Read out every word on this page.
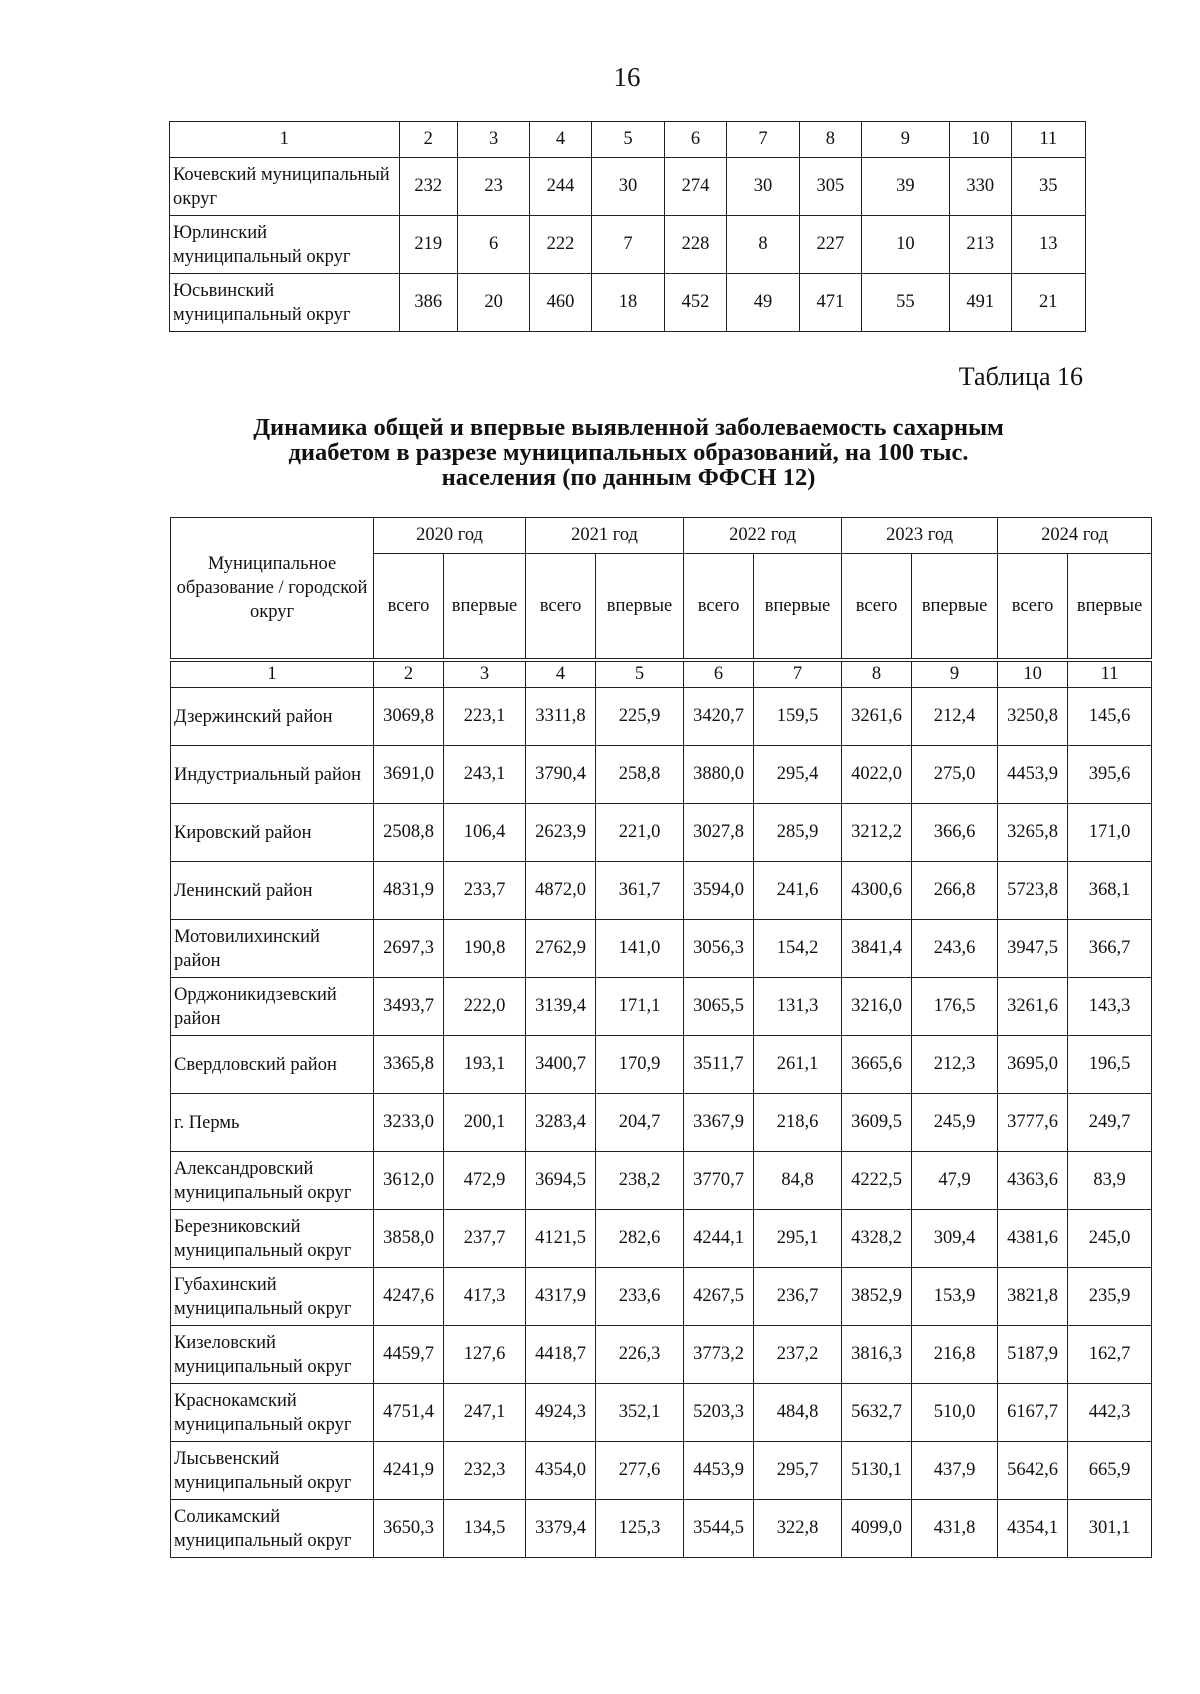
16
1	2	3	4	5	6	7	8	9	10	11
Кочевский муниципальный округ	232	23	244	30	274	30	305	39	330	35
Юрлинский муниципальный округ	219	6	222	7	228	8	227	10	213	13
Юсьвинский муниципальный округ	386	20	460	18	452	49	471	55	491	21
Таблица 16
Динамика общей и впервые выявленной заболеваемость сахарным
диабетом в разрезе муниципальных образований, на 100 тыс.
населения (по данным ФФСН 12)
Муниципальное образование / городской округ	2020 год		2021 год		2022 год		2023 год		2024 год	
	всего	впервые	всего	впервые	всего	впервые	всего	впервые	всего	впервые
1	2	3	4	5	6	7	8	9	10	11
Дзержинский район	3069,8	223,1	3311,8	225,9	3420,7	159,5	3261,6	212,4	3250,8	145,6
Индустриальный район	3691,0	243,1	3790,4	258,8	3880,0	295,4	4022,0	275,0	4453,9	395,6
Кировский район	2508,8	106,4	2623,9	221,0	3027,8	285,9	3212,2	366,6	3265,8	171,0
Ленинский район	4831,9	233,7	4872,0	361,7	3594,0	241,6	4300,6	266,8	5723,8	368,1
Мотовилихинский район	2697,3	190,8	2762,9	141,0	3056,3	154,2	3841,4	243,6	3947,5	366,7
Орджоникидзевский район	3493,7	222,0	3139,4	171,1	3065,5	131,3	3216,0	176,5	3261,6	143,3
Свердловский район	3365,8	193,1	3400,7	170,9	3511,7	261,1	3665,6	212,3	3695,0	196,5
г. Пермь	3233,0	200,1	3283,4	204,7	3367,9	218,6	3609,5	245,9	3777,6	249,7
Александровский муниципальный округ	3612,0	472,9	3694,5	238,2	3770,7	84,8	4222,5	47,9	4363,6	83,9
Березниковский муниципальный округ	3858,0	237,7	4121,5	282,6	4244,1	295,1	4328,2	309,4	4381,6	245,0
Губахинский муниципальный округ	4247,6	417,3	4317,9	233,6	4267,5	236,7	3852,9	153,9	3821,8	235,9
Кизеловский муниципальный округ	4459,7	127,6	4418,7	226,3	3773,2	237,2	3816,3	216,8	5187,9	162,7
Краснокамский муниципальный округ	4751,4	247,1	4924,3	352,1	5203,3	484,8	5632,7	510,0	6167,7	442,3
Лысьвенский муниципальный округ	4241,9	232,3	4354,0	277,6	4453,9	295,7	5130,1	437,9	5642,6	665,9
Соликамский муниципальный округ	3650,3	134,5	3379,4	125,3	3544,5	322,8	4099,0	431,8	4354,1	301,1
